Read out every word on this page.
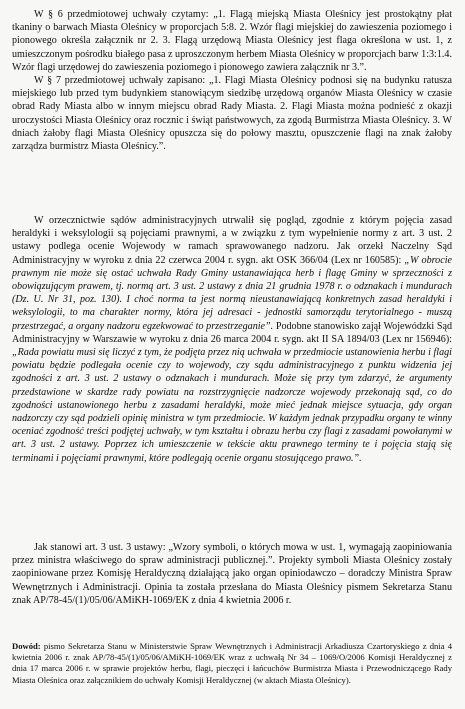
W § 6 przedmiotowej uchwały czytamy: „1. Flagą miejską Miasta Oleśnicy jest prostokątny płat tkaniny o barwach Miasta Oleśnicy w proporcjach 5:8. 2. Wzór flagi miejskiej do zawieszenia poziomego i pionowego określa załącznik nr 2. 3. Flagą urzędową Miasta Oleśnicy jest flaga określona w ust. 1, z umieszczonym pośrodku białego pasa z uproszczonym herbem Miasta Oleśnicy w proporcjach barw 1:3:1.4. Wzór flagi urzędowej do zawieszenia poziomego i pionowego zawiera załącznik nr 3.”.

W § 7 przedmiotowej uchwały zapisano: „1. Flagi Miasta Oleśnicy podnosi się na budynku ratusza miejskiego lub przed tym budynkiem stanowiącym siedzibę urzędową organów Miasta Oleśnicy w czasie obrad Rady Miasta albo w innym miejscu obrad Rady Miasta. 2. Flagi Miasta można podnieść z okazji uroczystości Miasta Oleśnicy oraz rocznic i świąt państwowych, za zgodą Burmistrza Miasta Oleśnicy. 3. W dniach żałoby flagi Miasta Oleśnicy opuszcza się do połowy masztu, opuszczenie flagi na znak żałoby zarządza burmistrz Miasta Oleśnicy.”.

W orzecznictwie sądów administracyjnych utrwalił się pogląd, zgodnie z którym pojęcia zasad heraldyki i weksylologii są pojęciami prawnymi, a w związku z tym wypełnienie normy z art. 3 ust. 2 ustawy podlega ocenie Wojewody w ramach sprawowanego nadzoru. Jak orzekł Naczelny Sąd Administracyjny w wyroku z dnia 22 czerwca 2004 r. sygn. akt OSK 366/04 (Lex nr 160585): „W obrocie prawnym nie może się ostać uchwała Rady Gminy ustanawiająca herb i flagę Gminy w sprzeczności z obowiązującym prawem, tj. normą art. 3 ust. 2 ustawy z dnia 21 grudnia 1978 r. o odznakach i mundurach (Dz. U. Nr 31, poz. 130). I choć norma ta jest normą nieustanawiającą konkretnych zasad heraldyki i weksylologii, to ma charakter normy, która jej adresaci - jednostki samorządu terytorialnego - muszą przestrzegać, a organy nadzoru egzekwować to przestrzeganie”. Podobne stanowisko zajął Wojewódzki Sąd Administracyjny w Warszawie w wyroku z dnia 26 marca 2004 r. sygn. akt II SA 1894/03 (Lex nr 156946): „Rada powiatu musi się liczyć z tym, że podjęta przez nią uchwała w przedmiocie ustanowienia herbu i flagi powiatu będzie podlegała ocenie czy to wojewody, czy sądu administracyjnego z punktu widzenia jej zgodności z art. 3 ust. 2 ustawy o odznakach i mundurach. Może się przy tym zdarzyć, że argumenty przedstawione w skardze rady powiatu na rozstrzygnięcie nadzorcze wojewody przekonają sąd, co do zgodności ustanowionego herbu z zasadami heraldyki, może mieć jednak miejsce sytuacja, gdy organ nadzorczy czy sąd podzieli opinię ministra w tym przedmiocie. W każdym jednak przypadku organy te winny oceniać zgodność treści podjętej uchwały, w tym kształtu i obrazu herbu czy flagi z zasadami powołanymi w art. 3 ust. 2 ustawy. Poprzez ich umieszczenie w tekście aktu prawnego terminy te i pojęcia stają się terminami i pojęciami prawnymi, które podlegają ocenie organu stosującego prawo.”.

Jak stanowi art. 3 ust. 3 ustawy: „Wzory symboli, o których mowa w ust. 1, wymagają zaopiniowania przez ministra właściwego do spraw administracji publicznej.”. Projekty symboli Miasta Oleśnicy zostały zaopiniowane przez Komisję Heraldyczną działającą jako organ opiniodawczo – doradczy Ministra Spraw Wewnętrznych i Administracji. Opinia ta została przesłana do Miasta Oleśnicy pismem Sekretarza Stanu znak AP/78-45/(1)/05/06/AMiKH-1069/EK z dnia 4 kwietnia 2006 r.

Dowód: pismo Sekretarza Stanu w Ministerstwie Spraw Wewnętrznych i Administracji Arkadiusza Czartoryskiego z dnia 4 kwietnia 2006 r. znak AP/78-45/(1)/05/06/AMiKH-1069/EK wraz z uchwałą Nr 34 – 1069/O/2006 Komisji Heraldycznej z dnia 17 marca 2006 r. w sprawie projektów herbu, flagi, pieczęci i łańcuchów Burmistrza Miasta i Przewodniczącego Rady Miasta Oleśnica oraz załącznikiem do uchwały Komisji Heraldycznej (w aktach Miasta Oleśnicy).
